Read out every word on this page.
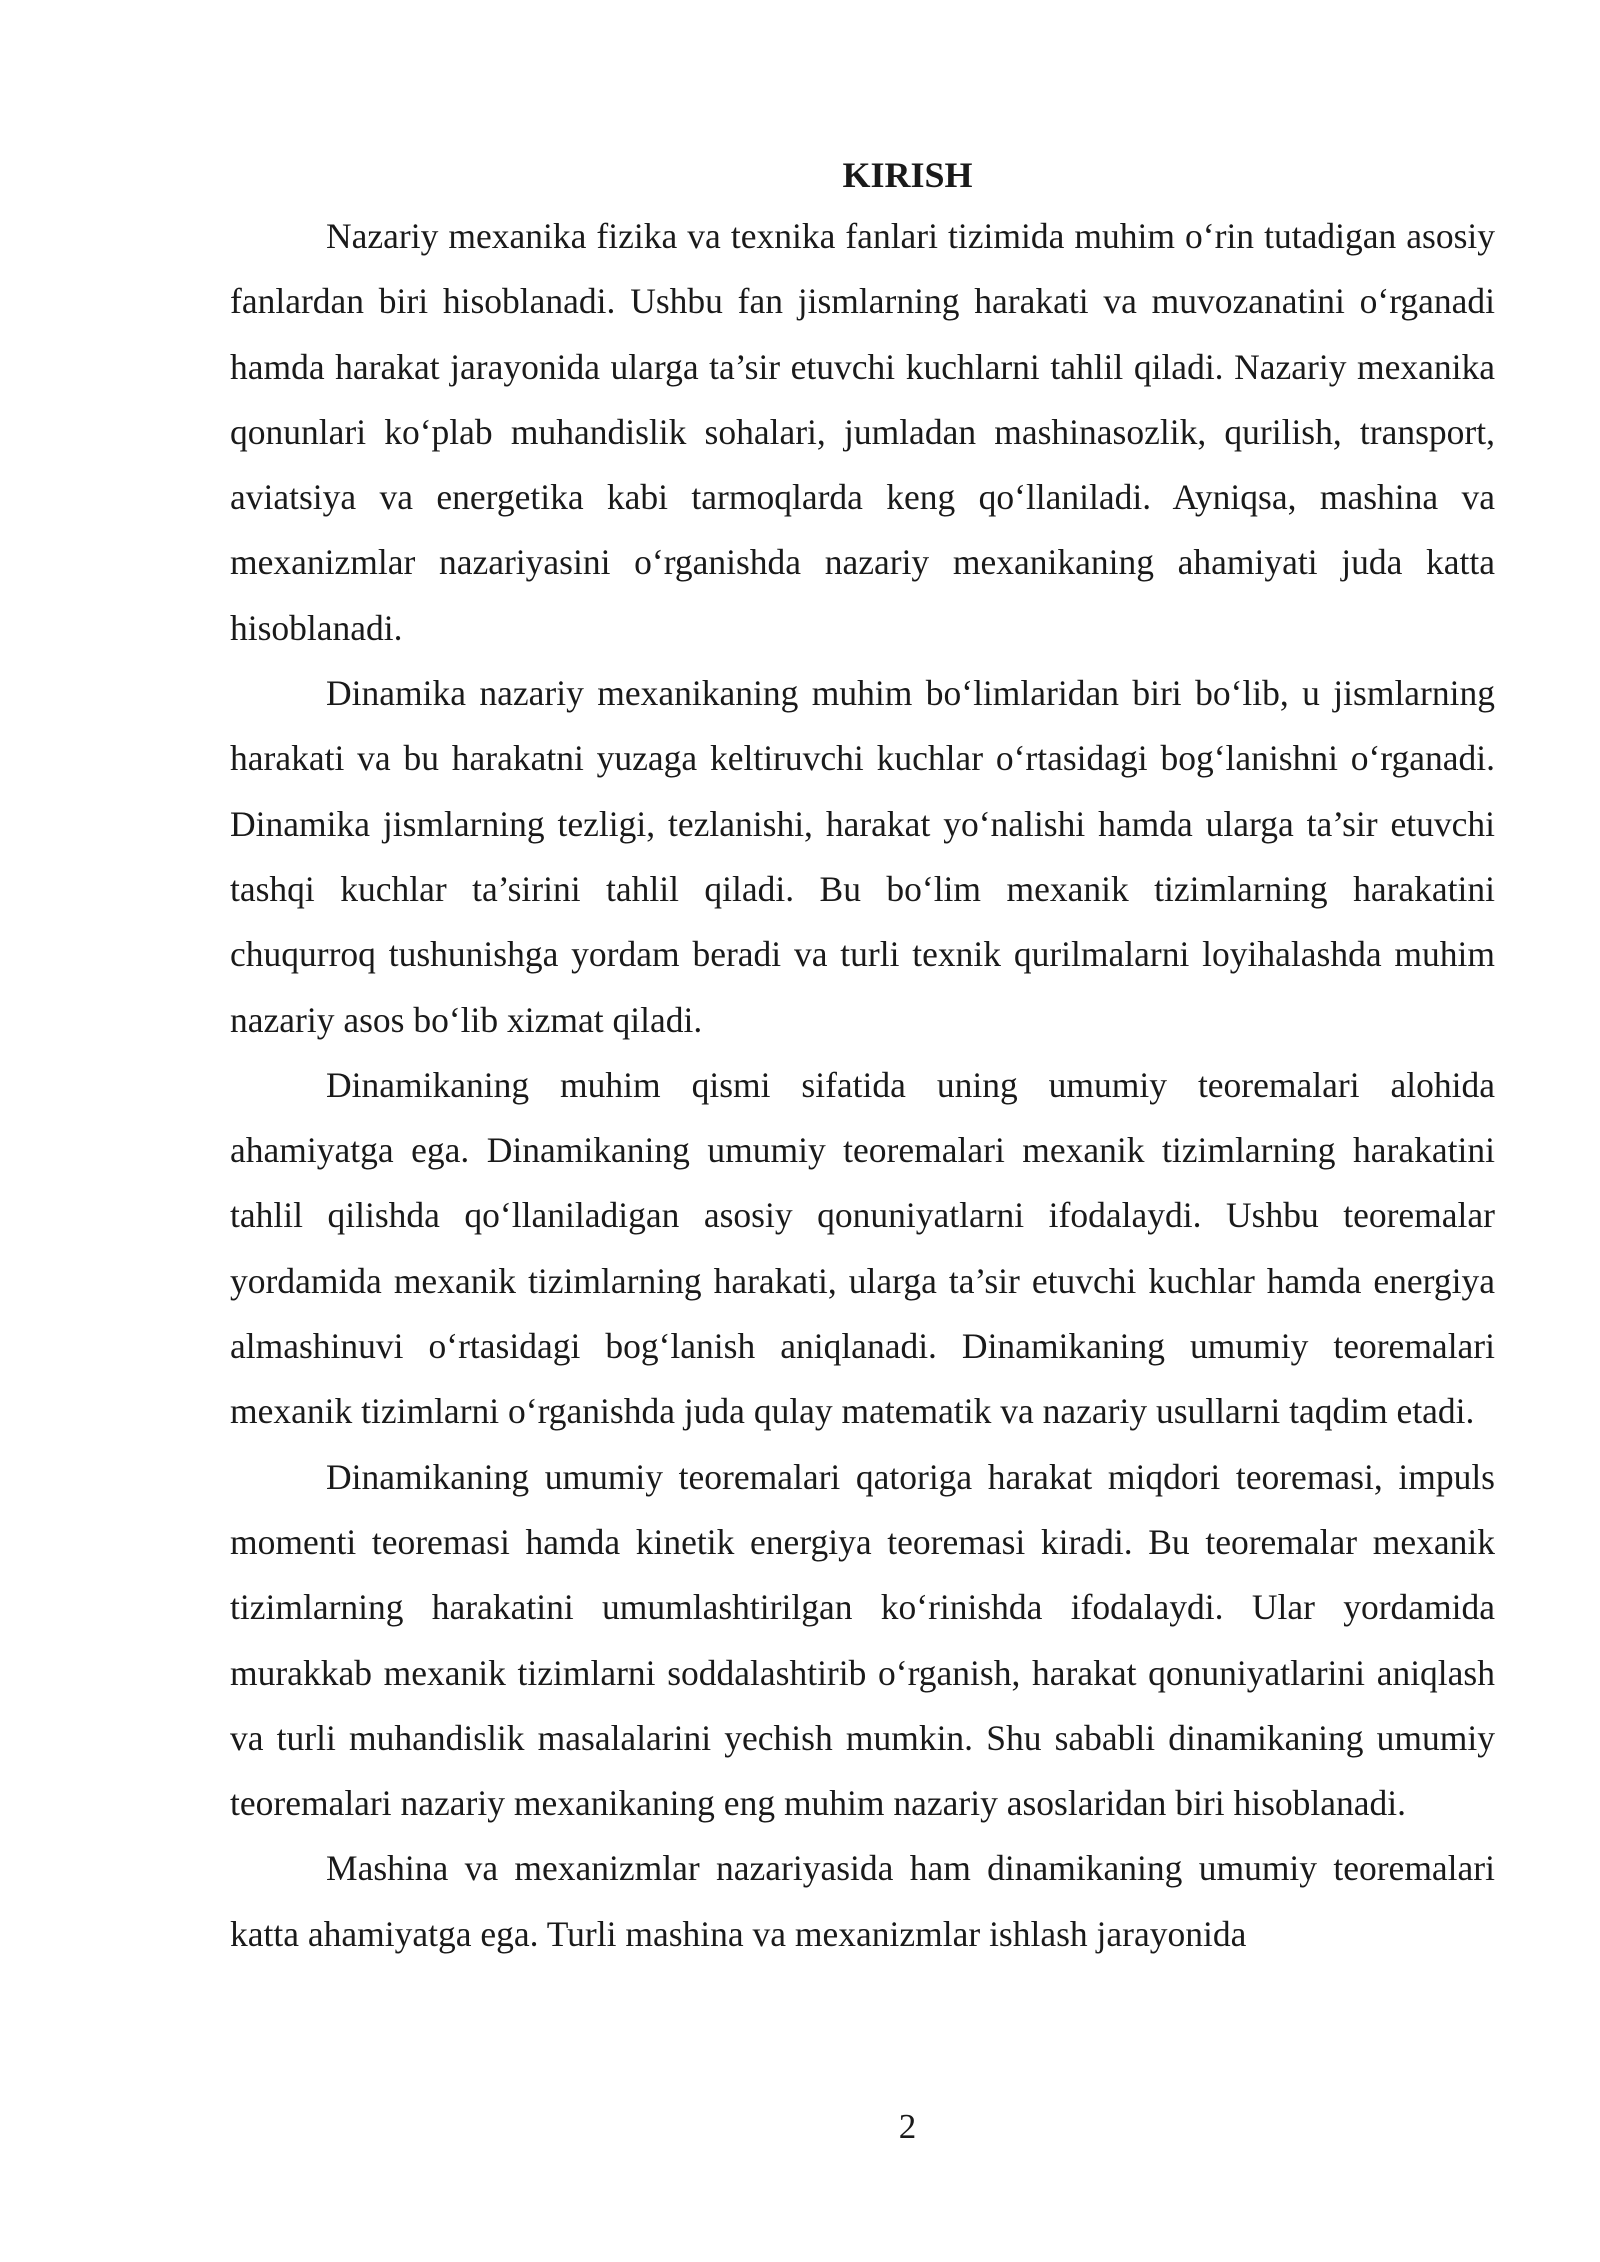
KIRISH

Nazariy mexanika fizika va texnika fanlari tizimida muhim o‘rin tutadigan asosiy fanlardan biri hisoblanadi. Ushbu fan jismlarning harakati va muvozanatini o‘rganadi hamda harakat jarayonida ularga ta’sir etuvchi kuchlarni tahlil qiladi. Nazariy mexanika qonunlari ko‘plab muhandislik sohalari, jumladan mashinasozlik, qurilish, transport, aviatsiya va energetika kabi tarmoqlarda keng qo‘llaniladi. Ayniqsa, mashina va mexanizmlar nazariyasini o‘rganishda nazariy mexanikaning ahamiyati juda katta hisoblanadi.

Dinamika nazariy mexanikaning muhim bo‘limlaridan biri bo‘lib, u jismlarning harakati va bu harakatni yuzaga keltiruvchi kuchlar o‘rtasidagi bog‘lanishni o‘rganadi. Dinamika jismlarning tezligi, tezlanishi, harakat yo‘nalishi hamda ularga ta’sir etuvchi tashqi kuchlar ta’sirini tahlil qiladi. Bu bo‘lim mexanik tizimlarning harakatini chuqurroq tushunishga yordam beradi va turli texnik qurilmalarni loyihalashda muhim nazariy asos bo‘lib xizmat qiladi.

Dinamikaning muhim qismi sifatida uning umumiy teoremalari alohida ahamiyatga ega. Dinamikaning umumiy teoremalari mexanik tizimlarning harakatini tahlil qilishda qo‘llaniladigan asosiy qonuniyatlarni ifodalaydi. Ushbu teoremalar yordamida mexanik tizimlarning harakati, ularga ta’sir etuvchi kuchlar hamda energiya almashinuvi o‘rtasidagi bog‘lanish aniqlanadi. Dinamikaning umumiy teoremalari mexanik tizimlarni o‘rganishda juda qulay matematik va nazariy usullarni taqdim etadi.

Dinamikaning umumiy teoremalari qatoriga harakat miqdori teoremasi, impuls momenti teoremasi hamda kinetik energiya teoremasi kiradi. Bu teoremalar mexanik tizimlarning harakatini umumlashtirilgan ko‘rinishda ifodalaydi. Ular yordamida murakkab mexanik tizimlarni soddalashtirib o‘rganish, harakat qonuniyatlarini aniqlash va turli muhandislik masalalarini yechish mumkin. Shu sababli dinamikaning umumiy teoremalari nazariy mexanikaning eng muhim nazariy asoslaridan biri hisoblanadi.

Mashina va mexanizmlar nazariyasida ham dinamikaning umumiy teoremalari katta ahamiyatga ega. Turli mashina va mexanizmlar ishlash jarayonida

2
